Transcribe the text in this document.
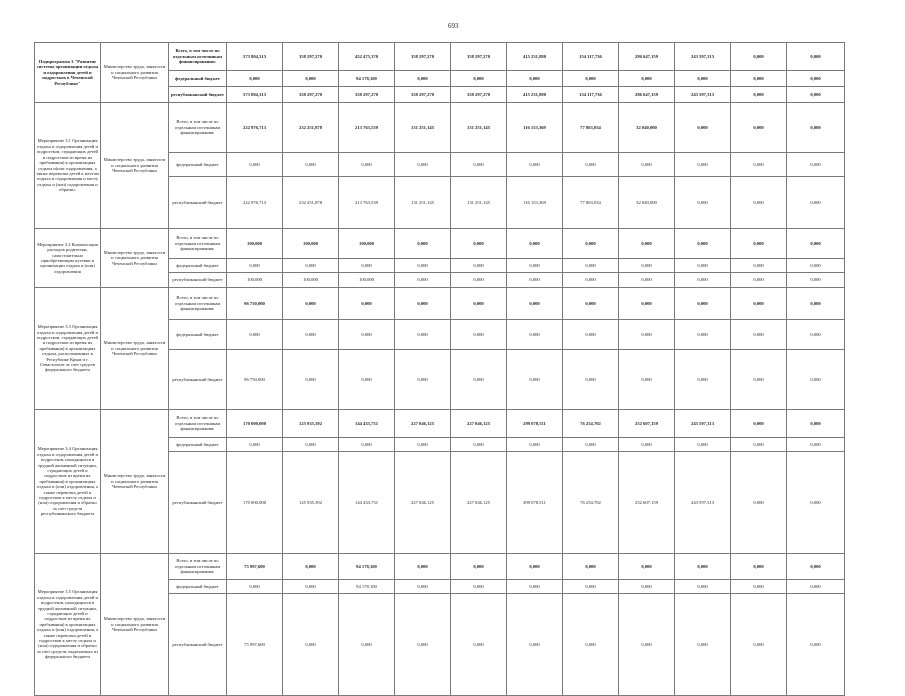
693
Подпрограмма 3 "Развитие системы организации отдыха и оздоровления детей и подростков в Чеченской Республике"	Министерство труда, занятости и социального развития Чеченской Республики	Всего, в том числе по отдельным источникам финансирования:	573 804,313	358 297,270	452 475,370	358 297,270	358 297,270	415 231,880	154 117,736	286 647,159	243 597,313	0,000	0,000
		федеральный бюджет	0,000	0,000	94 178,100	0,000	0,000	0,000	0,000	0,000	0,000	0,000	0,000
		республиканский бюджет	573 804,313	358 297,270	358 297,270	358 297,270	358 297,270	415 231,880	154 117,736	286 647,159	243 597,313	0,000	0,000
Мероприятие 3.1 Организация отдыха и оздоровления детей и подростков, страдающих детей и подростков из время их пребывания) в организациях отдыха и(или оздоровления, а также перевозка детей к местам отдыха и оздоровления и месту отдыха и (или) оздоровления и обратно.	Министерство труда, занятости и социального развития Чеченской Республики	Всего, в том числе по отдельным источникам финансирования:	222 976,713	232 251,878	213 763,539	131 251,145	131 251,145	116 153,369	77 863,034	32 040,000	0,000	0,000	0,000
		федеральный бюджет	0,000	0,000	0,000	0,000	0,000	0,000	0,000	0,000	0,000	0,000	0,000
		республиканский бюджет	222 976,713	232 251,878	213 763,539	131 251,145	131 251,145	116 153,369	77 863,034	32 040,000	0,000	0,000	0,000
Мероприятие 3.2 Компенсация расходов родителям, самостоятельно приобретающим путевки в организации отдыха и (или) оздоровления	Министерство труда, занятости и социального развития Чеченской Республики	Всего, в том числе по отдельным источникам финансирования:	100,000	100,000	100,000	0,000	0,000	0,000	0,000	0,000	0,000	0,000	0,000
		федеральный бюджет	0,000	0,000	0,000	0,000	0,000	0,000	0,000	0,000	0,000	0,000	0,000
		республиканский бюджет	100,000	100,000	100,000	0,000	0,000	0,000	0,000	0,000	0,000	0,000	0,000
Мероприятие 3.3 Организация отдыха и оздоровления детей и подростков, страдающих детей и подростков из время их пребывания) в организациях отдыха, расположенных в Республике Крым и г. Севастополе за счет средств федерального бюджета	Министерство труда, занятости и социального развития Чеченской Республики	Всего, в том числе по отдельным источникам финансирования:	96 750,000	0,000	0,000	0,000	0,000	0,000	0,000	0,000	0,000	0,000	0,000
		федеральный бюджет	0,000	0,000	0,000	0,000	0,000	0,000	0,000	0,000	0,000	0,000	0,000
		республиканский бюджет	96 750,000	0,000	0,000	0,000	0,000	0,000	0,000	0,000	0,000	0,000	0,000
Мероприятие 3.4 Организация отдыха и оздоровления детей и подростков, находящихся в трудной жизненной ситуации, страдающих детей и подростков из время их пребывания) в организациях отдыха и (или) оздоровления, а также перевозка детей и подростков к месту отдыха и (или) оздоровления и обратно за счет средств республиканского бюджета	Министерство труда, занятости и социального развития Чеченской Республики	Всего, в том числе по отдельным источникам финансирования:	170 000,000	125 935,392	144 433,731	227 046,125	227 046,125	299 078,511	76 254,702	252 607,159	243 597,313	0,000	0,000
		федеральный бюджет	0,000	0,000	0,000	0,000	0,000	0,000	0,000	0,000	0,000	0,000	0,000
		республиканский бюджет	170 000,000	125 935,392	144 433,731	227 046,125	227 046,125	299 078,511	76 254,702	252 607,159	243 597,313	0,000	0,000
Мероприятие 3.5 Организация отдыха и оздоровления детей и подростков, находящихся в трудной жизненной ситуации, страдающих детей и подростков из время их пребывания) в организациях отдыха и (или) оздоровления, а также перевозка детей и подростков к месту отдыха и (или) оздоровления и обратно за счет средств, выделяемых из федерального бюджета	Министерство труда, занятости и социального развития Чеченской Республики	Всего, в том числе по отдельным источникам финансирования:	75 997,600	0,000	94 178,100	0,000	0,000	0,000	0,000	0,000	0,000	0,000	0,000
		федеральный бюджет	0,000	0,000	94 178,100	0,000	0,000	0,000	0,000	0,000	0,000	0,000	0,000
		республиканский бюджет	75 997,600	0,000	0,000	0,000	0,000	0,000	0,000	0,000	0,000	0,000	0,000
